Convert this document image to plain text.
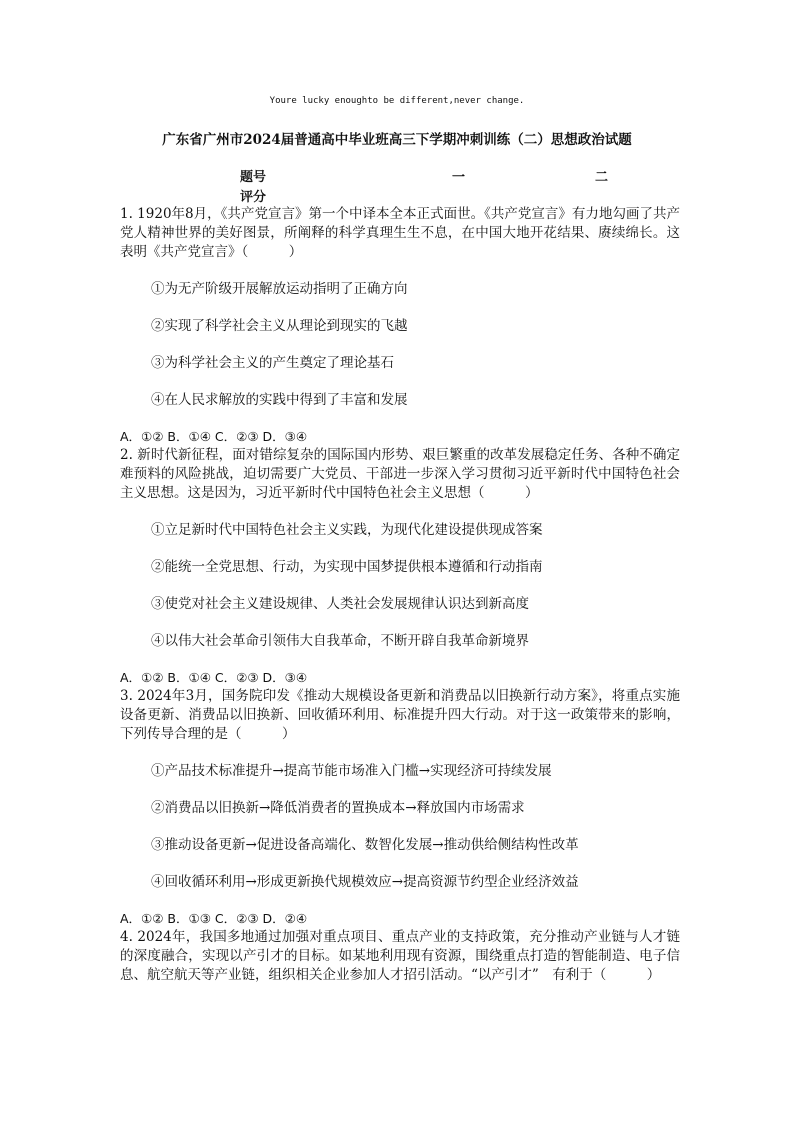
Youre lucky enoughto be different,never change.
广东省广州市2024届普通高中毕业班高三下学期冲刺训练（二）思想政治试题
题号	一	二
评分

1. 1920年8月，《共产党宣言》第一个中译本全本正式面世。《共产党宣言》有力地勾画了共产党人精神世界的美好图景，所阐释的科学真理生生不息，在中国大地开花结果、赓续绵长。这表明《共产党宣言》（　　　）

①为无产阶级开展解放运动指明了正确方向

②实现了科学社会主义从理论到现实的飞越

③为科学社会主义的产生奠定了理论基石

④在人民求解放的实践中得到了丰富和发展

A．①② B．①④ C．②③ D．③④

2. 新时代新征程，面对错综复杂的国际国内形势、艰巨繁重的改革发展稳定任务、各种不确定难预料的风险挑战，迫切需要广大党员、干部进一步深入学习贯彻习近平新时代中国特色社会主义思想。这是因为，习近平新时代中国特色社会主义思想（　　　）

①立足新时代中国特色社会主义实践，为现代化建设提供现成答案

②能统一全党思想、行动，为实现中国梦提供根本遵循和行动指南

③使党对社会主义建设规律、人类社会发展规律认识达到新高度

④以伟大社会革命引领伟大自我革命，不断开辟自我革命新境界

A．①② B．①④ C．②③ D．③④

3. 2024年3月，国务院印发《推动大规模设备更新和消费品以旧换新行动方案》，将重点实施设备更新、消费品以旧换新、回收循环利用、标准提升四大行动。对于这一政策带来的影响，下列传导合理的是（　　　）

①产品技术标准提升→提高节能市场准入门槛→实现经济可持续发展

②消费品以旧换新→降低消费者的置换成本→释放国内市场需求

③推动设备更新→促进设备高端化、数智化发展→推动供给侧结构性改革

④回收循环利用→形成更新换代规模效应→提高资源节约型企业经济效益

A．①② B．①③ C．②③ D．②④

4. 2024年，我国多地通过加强对重点项目、重点产业的支持政策，充分推动产业链与人才链的深度融合，实现以产引才的目标。如某地利用现有资源，围绕重点打造的智能制造、电子信息、航空航天等产业链，组织相关企业参加人才招引活动。“以产引才”　有利于（　　　）
